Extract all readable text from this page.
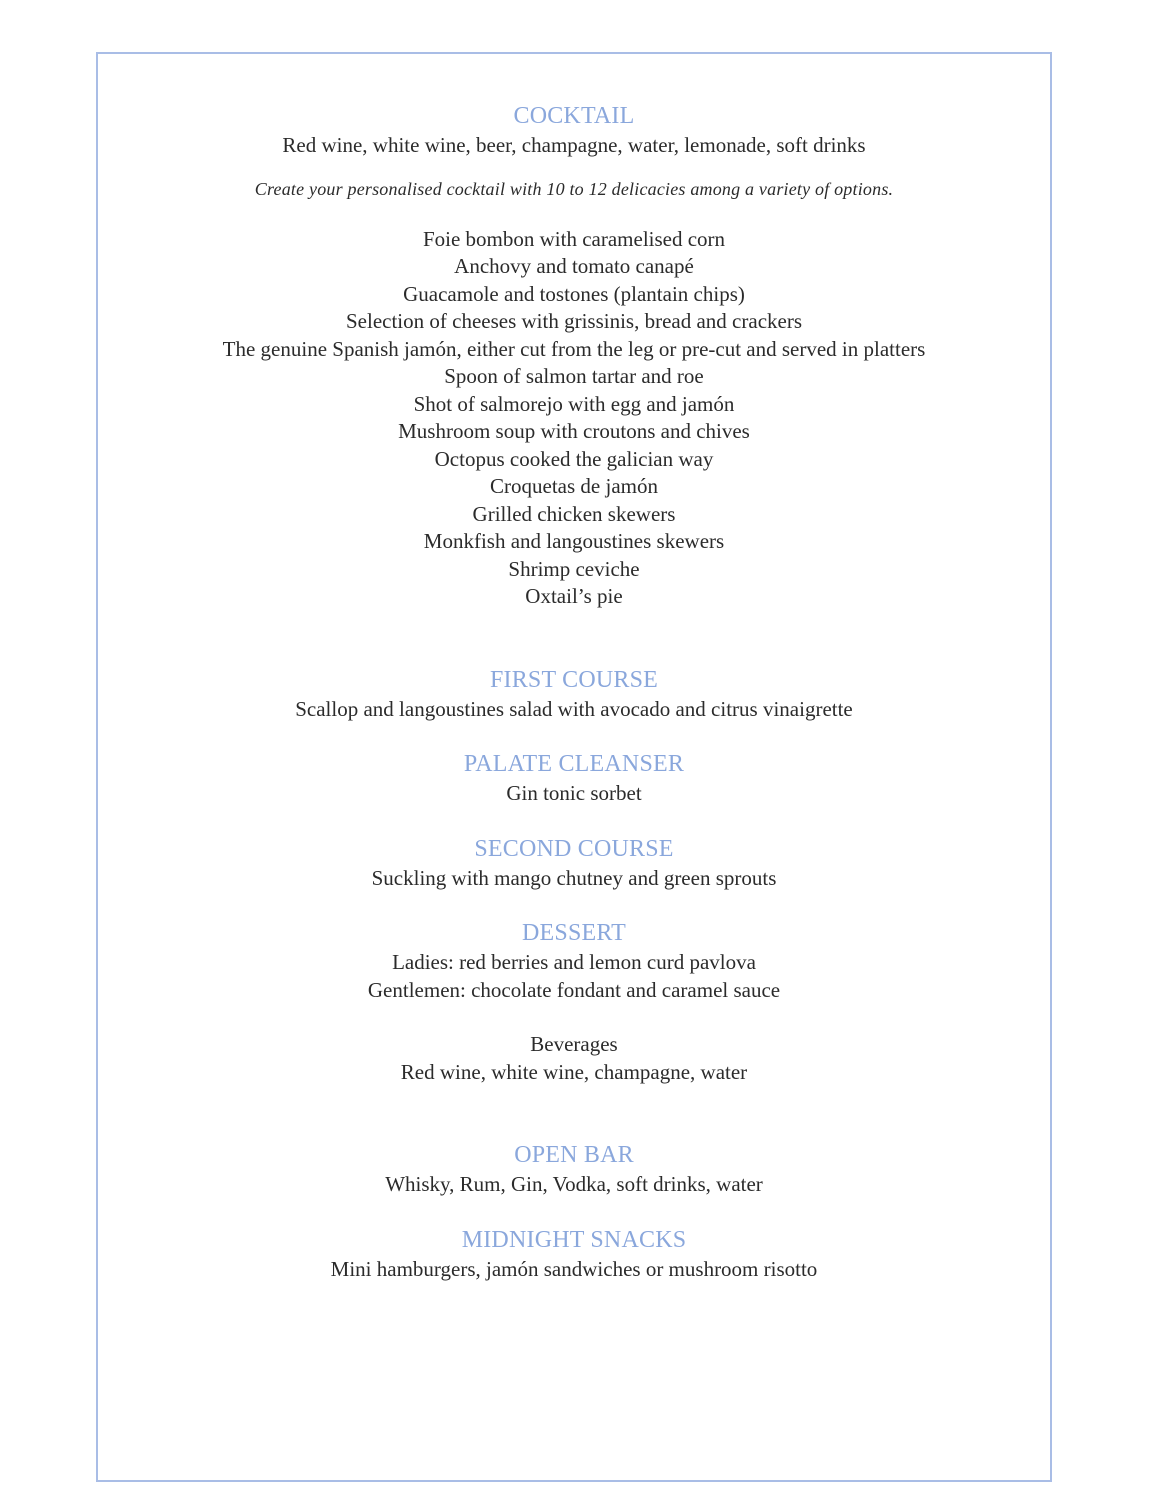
COCKTAIL

Red wine, white wine, beer, champagne, water, lemonade, soft drinks

Create your personalised cocktail with 10 to 12 delicacies among a variety of options.

Foie bombon with caramelised corn

Anchovy and tomato canapé

Guacamole and tostones (plantain chips)

Selection of cheeses with grissinis, bread and crackers

The genuine Spanish jamón, either cut from the leg or pre-cut and served in platters

Spoon of salmon tartar and roe

Shot of salmorejo with egg and jamón

Mushroom soup with croutons and chives

Octopus cooked the galician way

Croquetas de jamón

Grilled chicken skewers

Monkfish and langoustines skewers

Shrimp ceviche

Oxtail’s pie

FIRST COURSE

Scallop and langoustines salad with avocado and citrus vinaigrette

PALATE CLEANSER

Gin tonic sorbet

SECOND COURSE

Suckling with mango chutney and green sprouts

DESSERT

Ladies: red berries and lemon curd pavlova

Gentlemen: chocolate fondant and caramel sauce

Beverages

Red wine, white wine, champagne, water

OPEN BAR

Whisky, Rum, Gin, Vodka, soft drinks, water

MIDNIGHT SNACKS

Mini hamburgers, jamón sandwiches or mushroom risotto
